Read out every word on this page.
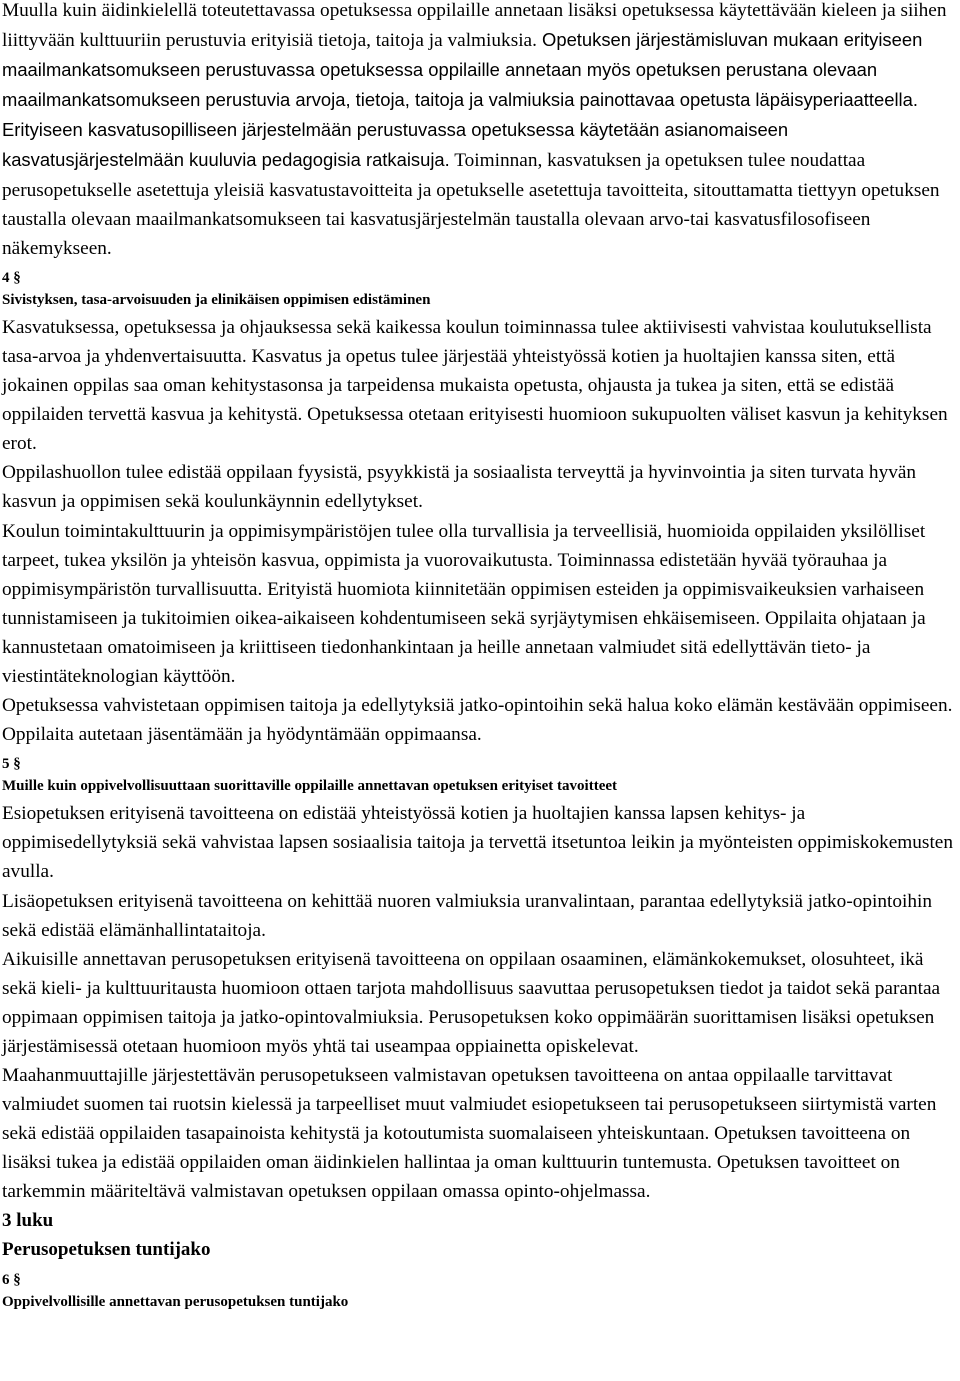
Muulla kuin äidinkielellä toteutettavassa opetuksessa oppilaille annetaan lisäksi opetuksessa käytettävään kieleen ja siihen liittyvään kulttuuriin perustuvia erityisiä tietoja, taitoja ja valmiuksia. Opetuksen järjestämisluvan mukaan erityiseen maailmankatsomukseen perustuvassa opetuksessa oppilaille annetaan myös opetuksen perustana olevaan maailmankatsomukseen perustuvia arvoja, tietoja, taitoja ja valmiuksia painottavaa opetusta läpäisyperiaatteella. Erityiseen kasvatusopilliseen järjestelmään perustuvassa opetuksessa käytetään asianomaiseen kasvatusjärjestelmään kuuluvia pedagogisia ratkaisuja. Toiminnan, kasvatuksen ja opetuksen tulee noudattaa perusopetukselle asetettuja yleisiä kasvatustavoitteita ja opetukselle asetettuja tavoitteita, sitouttamatta tiettyyn opetuksen taustalla olevaan maailmankatsomukseen tai kasvatusjärjestelmän taustalla olevaan arvo-tai kasvatusfilosofiseen näkemykseen.

4 §

Sivistyksen, tasa-arvoisuuden ja elinikäisen oppimisen edistäminen

Kasvatuksessa, opetuksessa ja ohjauksessa sekä kaikessa koulun toiminnassa tulee aktiivisesti vahvistaa koulutuksellista tasa-arvoa ja yhdenvertaisuutta. Kasvatus ja opetus tulee järjestää yhteistyössä kotien ja huoltajien kanssa siten, että jokainen oppilas saa oman kehitystasonsa ja tarpeidensa mukaista opetusta, ohjausta ja tukea ja siten, että se edistää oppilaiden tervettä kasvua ja kehitystä. Opetuksessa otetaan erityisesti huomioon sukupuolten väliset kasvun ja kehityksen erot.

Oppilashuollon tulee edistää oppilaan fyysistä, psyykkistä ja sosiaalista terveyttä ja hyvinvointia ja siten turvata hyvän kasvun ja oppimisen sekä koulunkäynnin edellytykset.

Koulun toimintakulttuurin ja oppimisympäristöjen tulee olla turvallisia ja terveellisiä, huomioida oppilaiden yksilölliset tarpeet, tukea yksilön ja yhteisön kasvua, oppimista ja vuorovaikutusta. Toiminnassa edistetään hyvää työrauhaa ja oppimisympäristön turvallisuutta. Erityistä huomiota kiinnitetään oppimisen esteiden ja oppimisvaikeuksien varhaiseen tunnistamiseen ja tukitoimien oikea-aikaiseen kohdentumiseen sekä syrjäytymisen ehkäisemiseen. Oppilaita ohjataan ja kannustetaan omatoimiseen ja kriittiseen tiedonhankintaan ja heille annetaan valmiudet sitä edellyttävän tieto- ja viestintäteknologian käyttöön.

Opetuksessa vahvistetaan oppimisen taitoja ja edellytyksiä jatko-opintoihin sekä halua koko elämän kestävään oppimiseen. Oppilaita autetaan jäsentämään ja hyödyntämään oppimaansa.

5 §

Muille kuin oppivelvollisuuttaan suorittaville oppilaille annettavan opetuksen erityiset tavoitteet

Esiopetuksen erityisenä tavoitteena on edistää yhteistyössä kotien ja huoltajien kanssa lapsen kehitys- ja oppimisedellytyksiä sekä vahvistaa lapsen sosiaalisia taitoja ja tervettä itsetuntoa leikin ja myönteisten oppimiskokemusten avulla.

Lisäopetuksen erityisenä tavoitteena on kehittää nuoren valmiuksia uranvalintaan, parantaa edellytyksiä jatko-opintoihin sekä edistää elämänhallintataitoja.

Aikuisille annettavan perusopetuksen erityisenä tavoitteena on oppilaan osaaminen, elämänkokemukset, olosuhteet, ikä sekä kieli- ja kulttuuritausta huomioon ottaen tarjota mahdollisuus saavuttaa perusopetuksen tiedot ja taidot sekä parantaa oppimaan oppimisen taitoja ja jatko-opintovalmiuksia. Perusopetuksen koko oppimäärän suorittamisen lisäksi opetuksen järjestämisessä otetaan huomioon myös yhtä tai useampaa oppiainetta opiskelevat.

Maahanmuuttajille järjestettävän perusopetukseen valmistavan opetuksen tavoitteena on antaa oppilaalle tarvittavat valmiudet suomen tai ruotsin kielessä ja tarpeelliset muut valmiudet esiopetukseen tai perusopetukseen siirtymistä varten sekä edistää oppilaiden tasapainoista kehitystä ja kotoutumista suomalaiseen yhteiskuntaan. Opetuksen tavoitteena on lisäksi tukea ja edistää oppilaiden oman äidinkielen hallintaa ja oman kulttuurin tuntemusta. Opetuksen tavoitteet on tarkemmin määriteltävä valmistavan opetuksen oppilaan omassa opinto-ohjelmassa.

3 luku

Perusopetuksen tuntijako

6 §

Oppivelvollisille annettavan perusopetuksen tuntijako
